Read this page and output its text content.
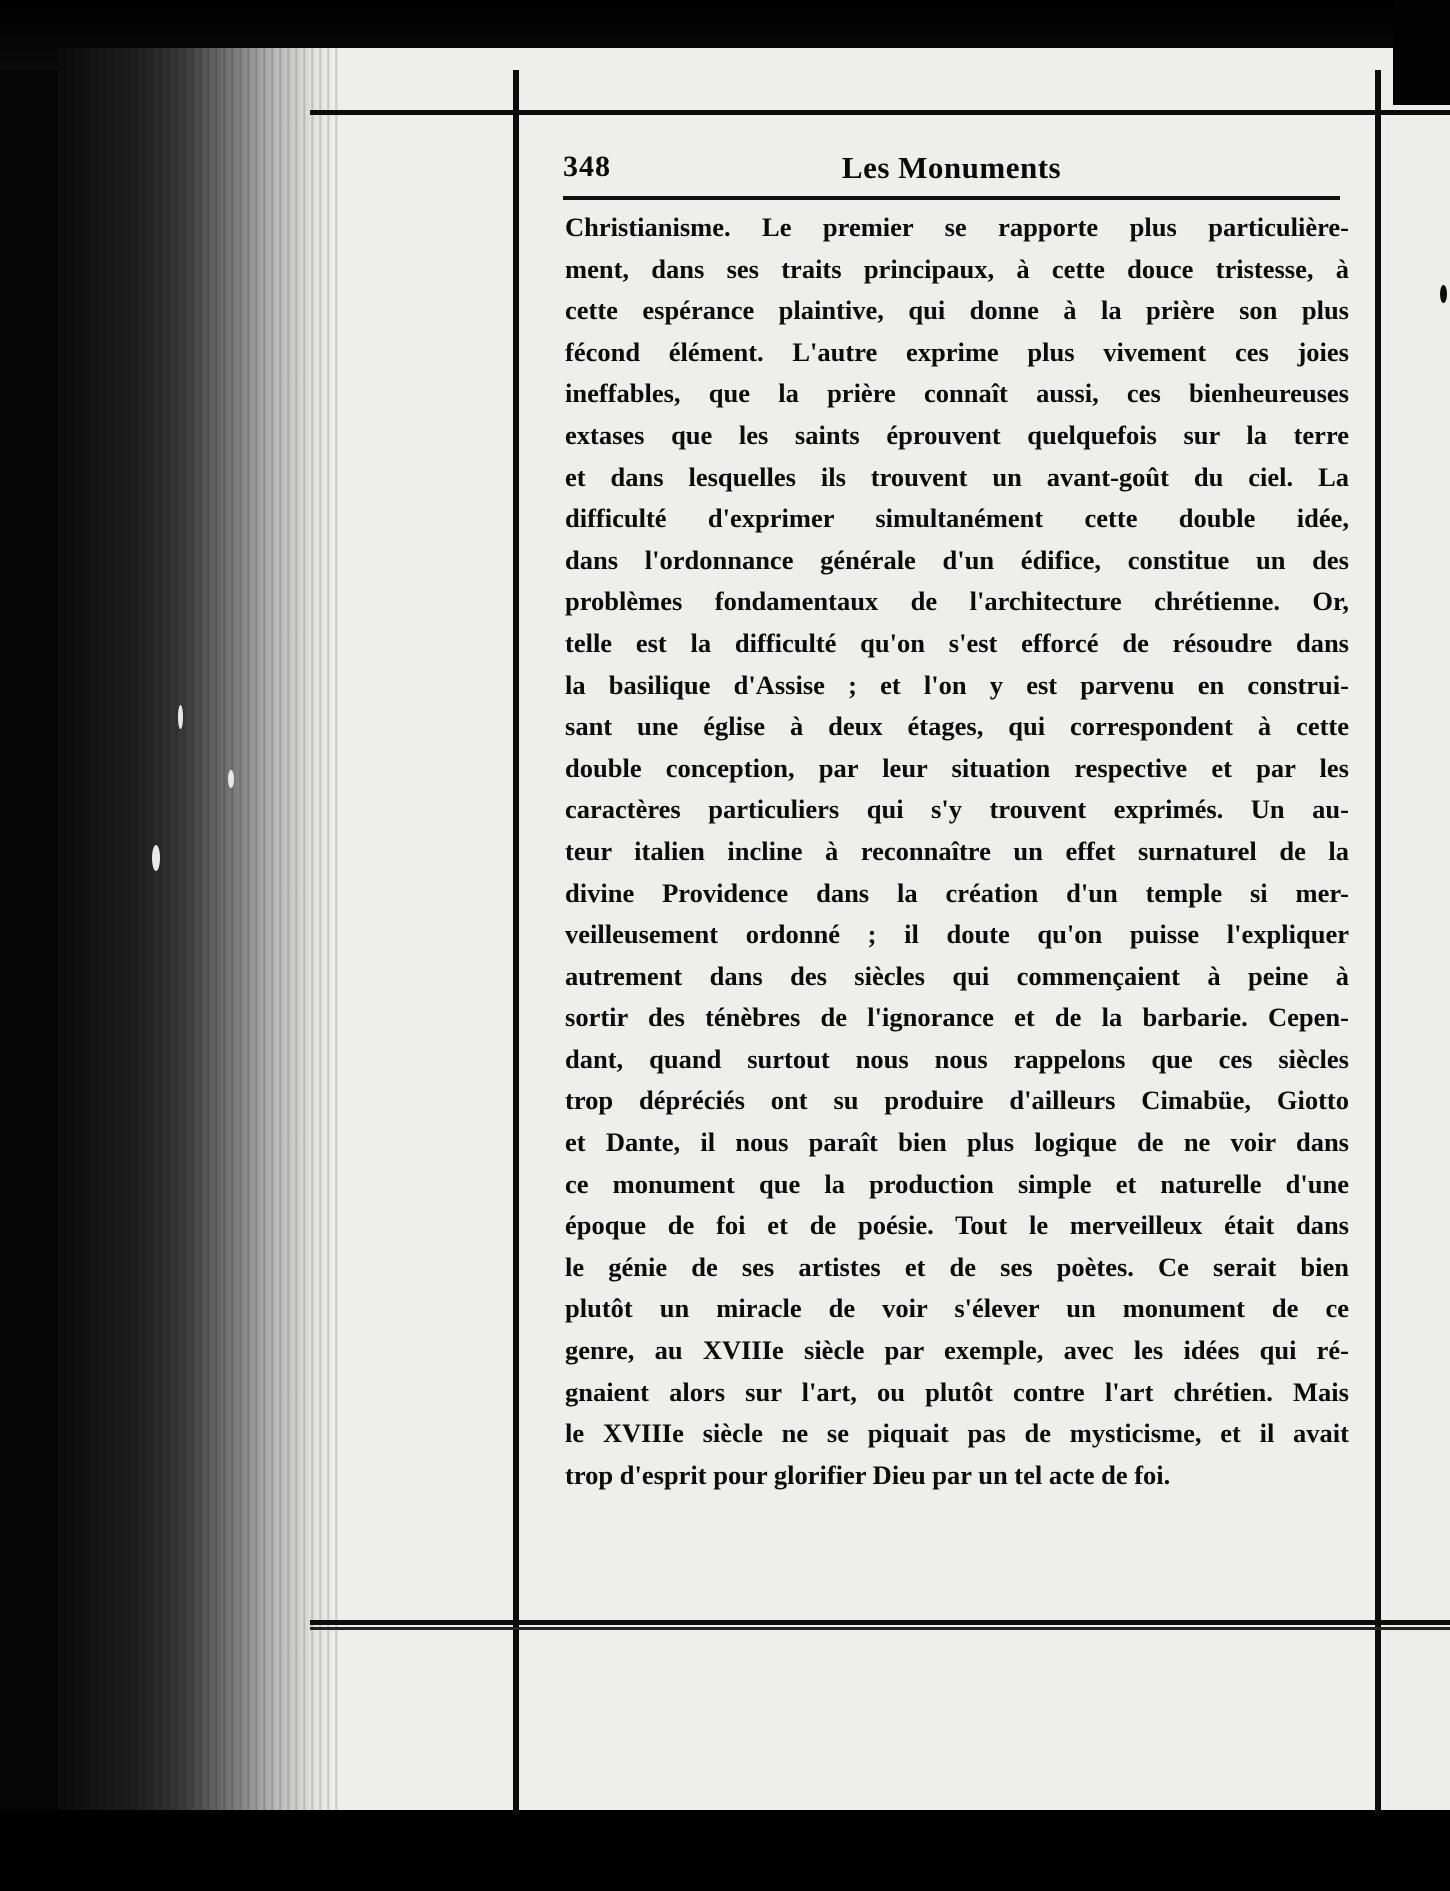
348	Les Monuments
Christianisme. Le premier se rapporte plus particulière-
ment, dans ses traits principaux, à cette douce tristesse, à
cette espérance plaintive, qui donne à la prière son plus
fécond élément. L'autre exprime plus vivement ces joies
ineffables, que la prière connaît aussi, ces bienheureuses
extases que les saints éprouvent quelquefois sur la terre
et dans lesquelles ils trouvent un avant-goût du ciel. La
difficulté d'exprimer simultanément cette double idée,
dans l'ordonnance générale d'un édifice, constitue un des
problèmes fondamentaux de l'architecture chrétienne. Or,
telle est la difficulté qu'on s'est efforcé de résoudre dans
la basilique d'Assise ; et l'on y est parvenu en construi-
sant une église à deux étages, qui correspondent à cette
double conception, par leur situation respective et par les
caractères particuliers qui s'y trouvent exprimés. Un au-
teur italien incline à reconnaître un effet surnaturel de la
divine Providence dans la création d'un temple si mer-
veilleusement ordonné ; il doute qu'on puisse l'expliquer
autrement dans des siècles qui commençaient à peine à
sortir des ténèbres de l'ignorance et de la barbarie. Cepen-
dant, quand surtout nous nous rappelons que ces siècles
trop dépréciés ont su produire d'ailleurs Cimabüe, Giotto
et Dante, il nous paraît bien plus logique de ne voir dans
ce monument que la production simple et naturelle d'une
époque de foi et de poésie. Tout le merveilleux était dans
le génie de ses artistes et de ses poètes. Ce serait bien
plutôt un miracle de voir s'élever un monument de ce
genre, au XVIIIe siècle par exemple, avec les idées qui ré-
gnaient alors sur l'art, ou plutôt contre l'art chrétien. Mais
le XVIIIe siècle ne se piquait pas de mysticisme, et il avait
trop d'esprit pour glorifier Dieu par un tel acte de foi.
